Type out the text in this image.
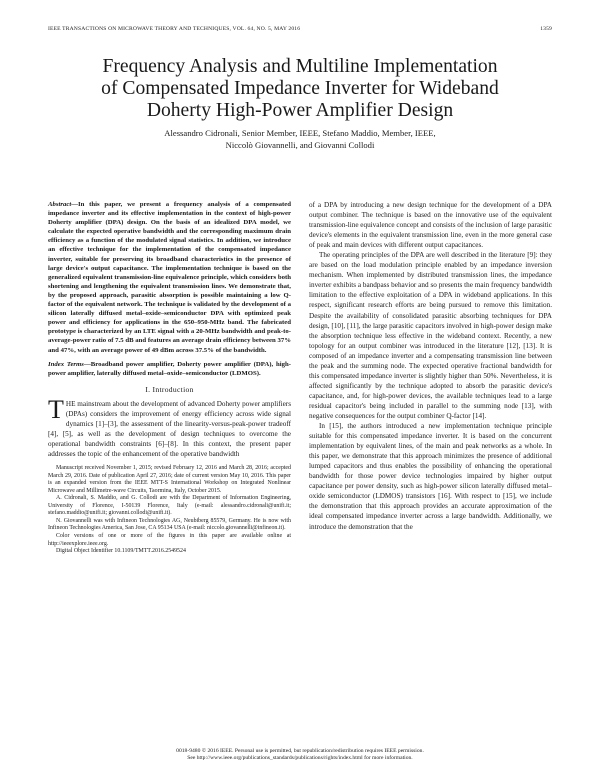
IEEE TRANSACTIONS ON MICROWAVE THEORY AND TECHNIQUES, VOL. 64, NO. 5, MAY 2016	1359
Frequency Analysis and Multiline Implementation
of Compensated Impedance Inverter for Wideband
Doherty High-Power Amplifier Design
Alessandro Cidronali, Senior Member, IEEE, Stefano Maddio, Member, IEEE,
Niccolò Giovannelli, and Giovanni Collodi
Abstract—In this paper, we present a frequency analysis of a compensated impedance inverter and its effective implementation in the context of high-power Doherty amplifier (DPA) design. On the basis of an idealized DPA model, we calculate the expected operative bandwidth and the corresponding maximum drain efficiency as a function of the modulated signal statistics. In addition, we introduce an effective technique for the implementation of the compensated impedance inverter, suitable for preserving its broadband characteristics in the presence of large device's output capacitance. The implementation technique is based on the generalized equivalent transmission-line equivalence principle, which considers both shortening and lengthening the equivalent transmission lines. We demonstrate that, by the proposed approach, parasitic absorption is possible maintaining a low Q-factor of the equivalent network. The technique is validated by the development of a silicon laterally diffused metal–oxide–semiconductor DPA with optimized peak power and efficiency for applications in the 650–950-MHz band. The fabricated prototype is characterized by an LTE signal with a 20-MHz bandwidth and peak-to-average-power ratio of 7.5 dB and features an average drain efficiency between 37% and 47%, with an average power of 49 dBm across 37.5% of the bandwidth.
Index Terms—Broadband power amplifier, Doherty power amplifier (DPA), high-power amplifier, laterally diffused metal–oxide–semiconductor (LDMOS).
I. Introduction

THE mainstream about the development of advanced Doherty power amplifiers (DPAs) considers the improvement of energy efficiency across wide signal dynamics [1]–[3], the assessment of the linearity-versus-peak-power tradeoff [4], [5], as well as the development of design techniques to overcome the operational bandwidth constraints [6]–[8]. In this context, the present paper addresses the topic of the enhancement of the operative bandwidth

Manuscript received November 1, 2015; revised February 12, 2016 and March 28, 2016; accepted March 29, 2016. Date of publication April 27, 2016; date of current version May 10, 2016. This paper is an expanded version from the IEEE MTT-S International Workshop on Integrated Nonlinear Microwave and Millimetre-wave Circuits, Taormina, Italy, October 2015.

A. Cidronali, S. Maddio, and G. Collodi are with the Department of Information Engineering, University of Florence, I-50139 Florence, Italy (e-mail: alessandro.cidronali@unifi.it; stefano.maddio@unifi.it; giovanni.collodi@unifi.it).

N. Giovannelli was with Infineon Technologies AG, Neubiberg 85579, Germany. He is now with Infineon Technologies America, San Jose, CA 95134 USA (e-mail: niccolo.giovannelli@infineon.it).

Color versions of one or more of the figures in this paper are available online at http://ieeexplore.ieee.org.

Digital Object Identifier 10.1109/TMTT.2016.2549524

of a DPA by introducing a new design technique for the development of a DPA output combiner. The technique is based on the innovative use of the equivalent transmission-line equivalence concept and consists of the inclusion of large parasitic device's elements in the equivalent transmission line, even in the more general case of peak and main devices with different output capacitances.

The operating principles of the DPA are well described in the literature [9]: they are based on the load modulation principle enabled by an impedance inversion mechanism. When implemented by distributed transmission lines, the impedance inverter exhibits a bandpass behavior and so presents the main frequency bandwidth limitation to the effective exploitation of a DPA in wideband applications. In this respect, significant research efforts are being pursued to remove this limitation. Despite the availability of consolidated parasitic absorbing techniques for DPA design, [10], [11], the large parasitic capacitors involved in high-power design make the absorption technique less effective in the wideband context. Recently, a new topology for an output combiner was introduced in the literature [12], [13]. It is composed of an impedance inverter and a compensating transmission line between the peak and the summing node. The expected operative fractional bandwidth for this compensated impedance inverter is slightly higher than 50%. Nevertheless, it is affected significantly by the technique adopted to absorb the parasitic device's capacitance, and, for high-power devices, the available techniques lead to a large residual capacitor's being included in parallel to the summing node [13], with negative consequences for the output combiner Q-factor [14].

In [15], the authors introduced a new implementation technique principle suitable for this compensated impedance inverter. It is based on the concurrent implementation by equivalent lines, of the main and peak networks as a whole. In this paper, we demonstrate that this approach minimizes the presence of additional lumped capacitors and thus enables the possibility of enhancing the operational bandwidth for those power device technologies impaired by higher output capacitance per power density, such as high-power silicon laterally diffused metal–oxide semiconductor (LDMOS) transistors [16]. With respect to [15], we include the demonstration that this approach provides an accurate approximation of the ideal compensated impedance inverter across a large bandwidth. Additionally, we introduce the demonstration that the

0018-9480 © 2016 IEEE. Personal use is permitted, but republication/redistribution requires IEEE permission.
See http://www.ieee.org/publications_standards/publications/rights/index.html for more information.
